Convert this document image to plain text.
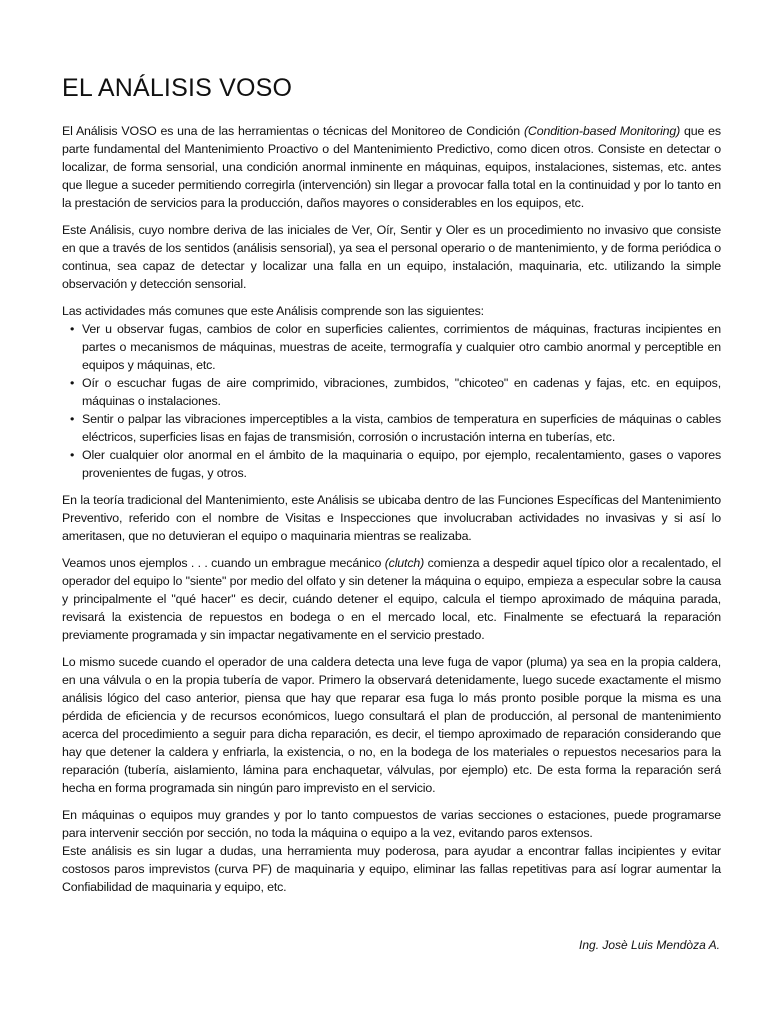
EL ANÁLISIS VOSO

El Análisis VOSO es una de las herramientas o técnicas del Monitoreo de Condición (Condition-based Monitoring) que es parte fundamental del Mantenimiento Proactivo o del Mantenimiento Predictivo, como dicen otros. Consiste en detectar o localizar, de forma sensorial, una condición anormal inminente en máquinas, equipos, instalaciones, sistemas, etc. antes que llegue a suceder permitiendo corregirla (intervención) sin llegar a provocar falla total en la continuidad y por lo tanto en la prestación de servicios para la producción, daños mayores o considerables en los equipos, etc.

Este Análisis, cuyo nombre deriva de las iniciales de Ver, Oír, Sentir y Oler es un procedimiento no invasivo que consiste en que a través de los sentidos (análisis sensorial), ya sea el personal operario o de mantenimiento, y de forma periódica o continua, sea capaz de detectar y localizar una falla en un equipo, instalación, maquinaria, etc. utilizando la simple observación y detección sensorial.

Las actividades más comunes que este Análisis comprende son las siguientes:

• Ver u observar fugas, cambios de color en superficies calientes, corrimientos de máquinas, fracturas incipientes en partes o mecanismos de máquinas, muestras de aceite, termografía y cualquier otro cambio anormal y perceptible en equipos y máquinas, etc.
• Oír o escuchar fugas de aire comprimido, vibraciones, zumbidos, "chicoteo" en cadenas y fajas, etc. en equipos, máquinas o instalaciones.
• Sentir o palpar las vibraciones imperceptibles a la vista, cambios de temperatura en superficies de máquinas o cables eléctricos, superficies lisas en fajas de transmisión, corrosión o incrustación interna en tuberías, etc.
• Oler cualquier olor anormal en el ámbito de la maquinaria o equipo, por ejemplo, recalentamiento, gases o vapores provenientes de fugas, y otros.

En la teoría tradicional del Mantenimiento, este Análisis se ubicaba dentro de las Funciones Específicas del Mantenimiento Preventivo, referido con el nombre de Visitas e Inspecciones que involucraban actividades no invasivas y si así lo ameritasen, que no detuvieran el equipo o maquinaria mientras se realizaba.

Veamos unos ejemplos . . . cuando un embrague mecánico (clutch) comienza a despedir aquel típico olor a recalentado, el operador del equipo lo "siente" por medio del olfato y sin detener la máquina o equipo, empieza a especular sobre la causa y principalmente el "qué hacer" es decir, cuándo detener el equipo, calcula el tiempo aproximado de máquina parada, revisará la existencia de repuestos en bodega o en el mercado local, etc. Finalmente se efectuará la reparación previamente programada y sin impactar negativamente en el servicio prestado.

Lo mismo sucede cuando el operador de una caldera detecta una leve fuga de vapor (pluma) ya sea en la propia caldera, en una válvula o en la propia tubería de vapor. Primero la observará detenidamente, luego sucede exactamente el mismo análisis lógico del caso anterior, piensa que hay que reparar esa fuga lo más pronto posible porque la misma es una pérdida de eficiencia y de recursos económicos, luego consultará el plan de producción, al personal de mantenimiento acerca del procedimiento a seguir para dicha reparación, es decir, el tiempo aproximado de reparación considerando que hay que detener la caldera y enfriarla, la existencia, o no, en la bodega de los materiales o repuestos necesarios para la reparación (tubería, aislamiento, lámina para enchaquetar, válvulas, por ejemplo) etc. De esta forma la reparación será hecha en forma programada sin ningún paro imprevisto en el servicio.

En máquinas o equipos muy grandes y por lo tanto compuestos de varias secciones o estaciones, puede programarse para intervenir sección por sección, no toda la máquina o equipo a la vez, evitando paros extensos.

Este análisis es sin lugar a dudas, una herramienta muy poderosa, para ayudar a encontrar fallas incipientes y evitar costosos paros imprevistos (curva PF) de maquinaria y equipo, eliminar las fallas repetitivas para así lograr aumentar la Confiabilidad de maquinaria y equipo, etc.

Ing. Josè Luis Mendòza A.
